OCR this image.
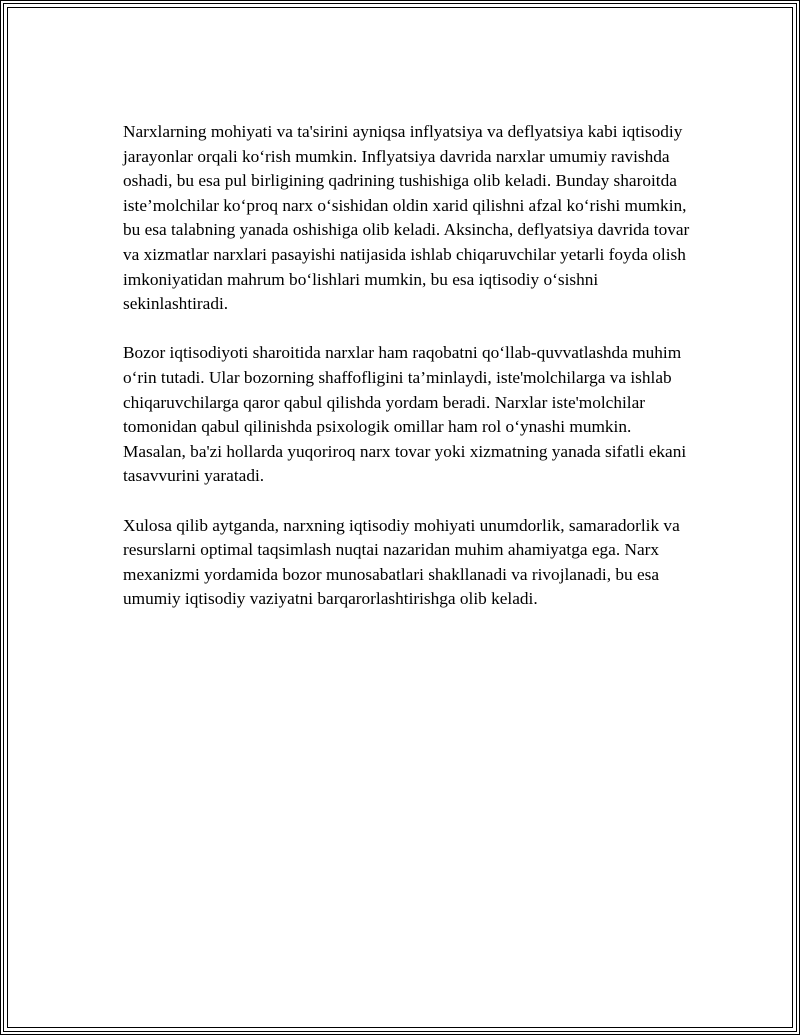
Narxlarning mohiyati va ta'sirini ayniqsa inflyatsiya va deflyatsiya kabi iqtisodiy jarayonlar orqali ko‘rish mumkin. Inflyatsiya davrida narxlar umumiy ravishda oshadi, bu esa pul birligining qadrining tushishiga olib keladi. Bunday sharoitda iste’molchilar ko‘proq narx o‘sishidan oldin xarid qilishni afzal ko‘rishi mumkin, bu esa talabning yanada oshishiga olib keladi. Aksincha, deflyatsiya davrida tovar va xizmatlar narxlari pasayishi natijasida ishlab chiqaruvchilar yetarli foyda olish imkoniyatidan mahrum bo‘lishlari mumkin, bu esa iqtisodiy o‘sishni sekinlashtiradi.

Bozor iqtisodiyoti sharoitida narxlar ham raqobatni qo‘llab-quvvatlashda muhim o‘rin tutadi. Ular bozorning shaffofligini ta’minlaydi, iste'molchilarga va ishlab chiqaruvchilarga qaror qabul qilishda yordam beradi. Narxlar iste'molchilar tomonidan qabul qilinishda psixologik omillar ham rol o‘ynashi mumkin. Masalan, ba'zi hollarda yuqoriroq narx tovar yoki xizmatning yanada sifatli ekani tasavvurini yaratadi.

Xulosa qilib aytganda, narxning iqtisodiy mohiyati unumdorlik, samaradorlik va resurslarni optimal taqsimlash nuqtai nazaridan muhim ahamiyatga ega. Narx mexanizmi yordamida bozor munosabatlari shakllanadi va rivojlanadi, bu esa umumiy iqtisodiy vaziyatni barqarorlashtirishga olib keladi.
